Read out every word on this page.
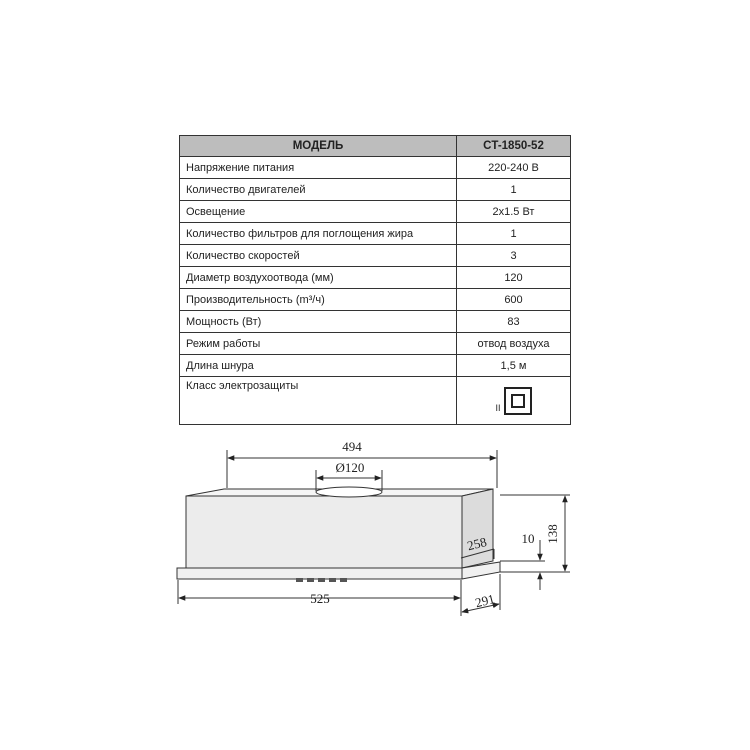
МОДЕЛЬ	CT-1850-52
Напряжение питания	220-240 В
Количество двигателей	1
Освещение	2x1.5 Вт
Количество фильтров для поглощения жира	1
Количество скоростей	3
Диаметр воздухоотвода (мм)	120
Производительность (m³/ч)	600
Мощность (Вт)	83
Режим работы	отвод воздуха
Длина шнура	1,5 м
Класс электрозащиты	II
494
Ø120
258	10 138
525	291
